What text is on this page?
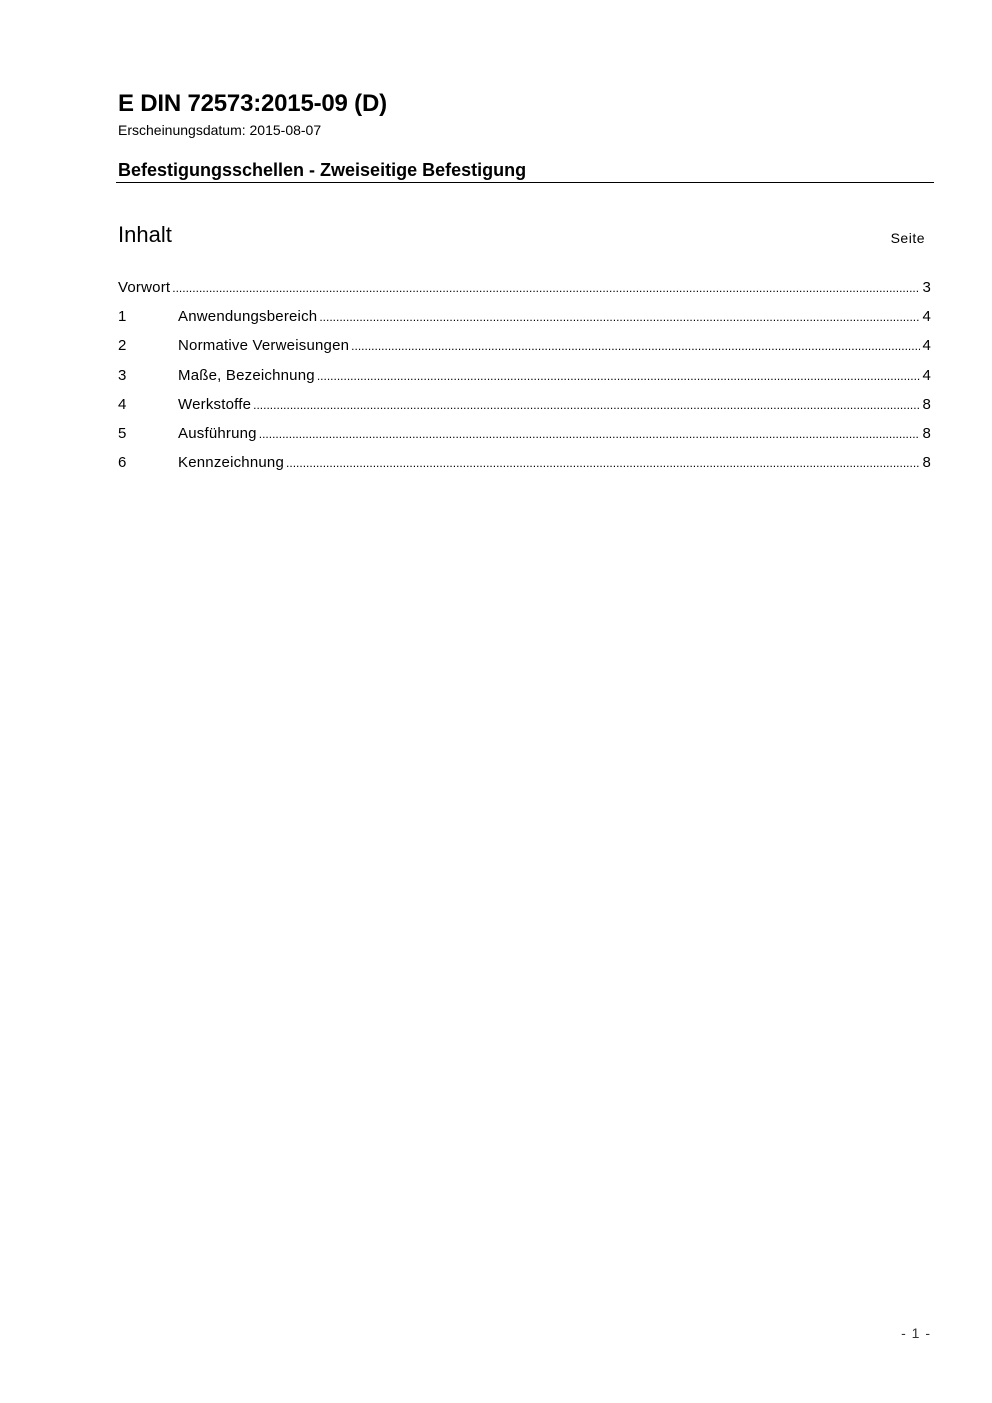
E DIN 72573:2015-09 (D)
Erscheinungsdatum: 2015-08-07
Befestigungsschellen - Zweiseitige Befestigung
Inhalt	Seite
Vorwort .....	3
1	Anwendungsbereich .....	4
2	Normative Verweisungen .....	4
3	Maße, Bezeichnung .....	4
4	Werkstoffe .....	8
5	Ausführung .....	8
6	Kennzeichnung .....	8
- 1 -
